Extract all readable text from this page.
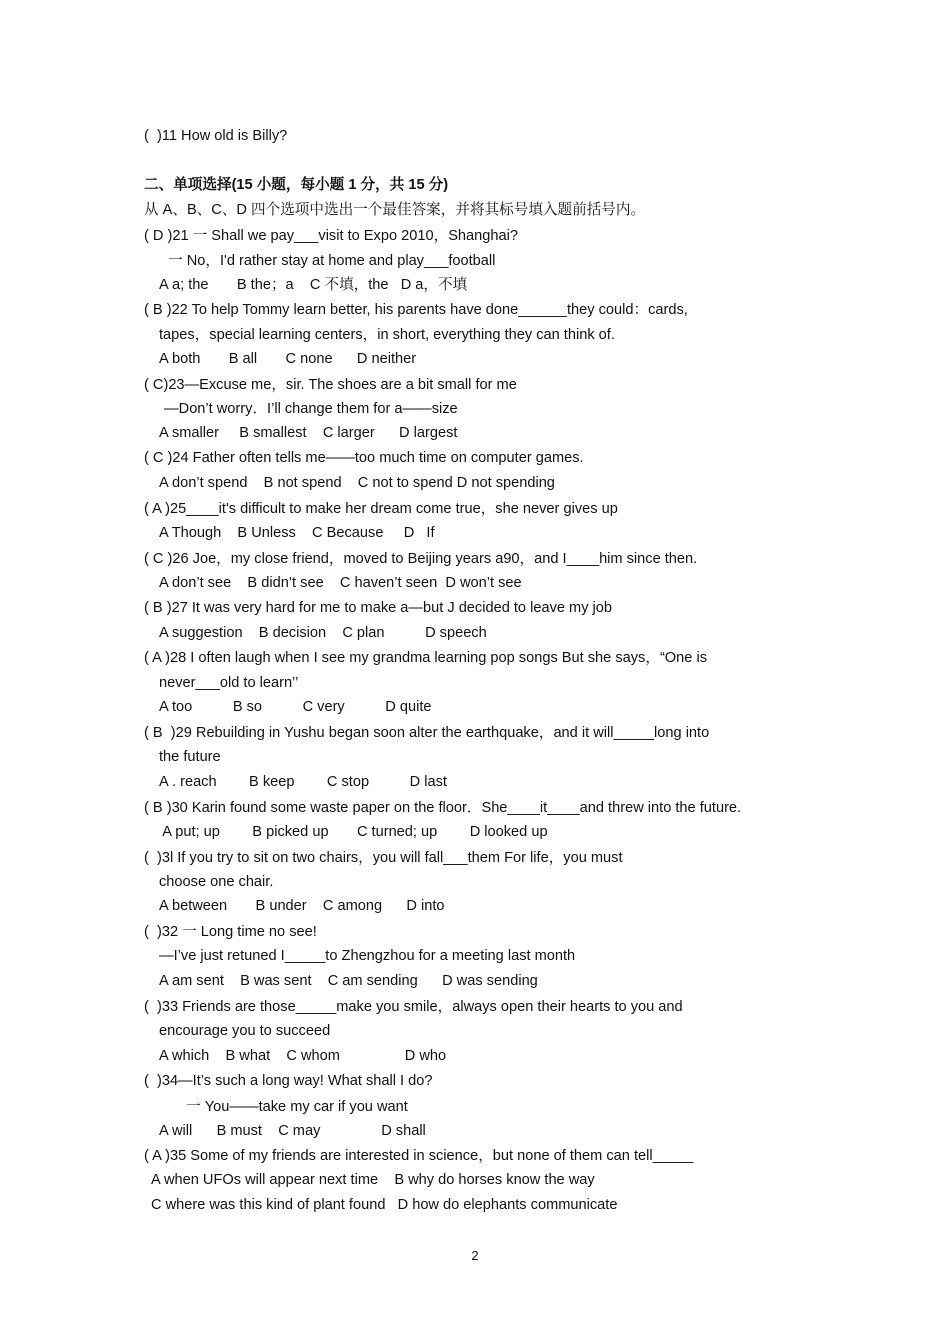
(  )11 How old is Billy?
二、单项选择(15 小题，每小题 1 分，共 15 分)
从 A、B、C、D 四个选项中选出一个最佳答案，并将其标号填入题前括号内。
( D )21 一 Shall we pay___visit to Expo 2010，Shanghai?
一 No，I'd rather stay at home and play___football
A a; the       B the；a    C 不填，the   D a，不填
( B )22 To help Tommy learn better, his parents have done______they could：cards,
tapes，special learning centers，in short, everything they can think of.
A both       B all       C none      D neither
( C)23—Excuse me，sir. The shoes are a bit small for me
—Don’t worry．I’ll change them for a——size
A smaller     B smallest    C larger      D largest
( C )24 Father often tells me——too much time on computer games.
A don’t spend    B not spend    C not to spend D not spending
( A )25____it's difficult to make her dream come true，she never gives up
A Though    B Unless    C Because     D   If
( C )26 Joe，my close friend，moved to Beijing years a90，and I____him since then.
A don’t see    B didn’t see    C haven’t seen  D won’t see
( B )27 It was very hard for me to make a—but J decided to leave my job
A suggestion    B decision    C plan          D speech
( A )28 I often laugh when I see my grandma learning pop songs But she says，“One is
never___old to learn’’
A too          B so          C very          D quite
( B  )29 Rebuilding in Yushu began soon alter the earthquake，and it will_____long into
the future
A . reach        B keep        C stop          D last
( B )30 Karin found some waste paper on the floor．She____it____and threw into the future.
A put; up        B picked up       C turned; up        D looked up
(  )3l If you try to sit on two chairs，you will fall___them For life，you must
choose one chair.
A between       B under    C among      D into
(  )32 一 Long time no see!
—I’ve just retuned I_____to Zhengzhou for a meeting last month
A am sent    B was sent    C am sending      D was sending
(  )33 Friends are those_____make you smile，always open their hearts to you and
encourage you to succeed
A which    B what    C whom                D who
(  )34—It’s such a long way! What shall I do?
一 You——take my car if you want
A will      B must    C may               D shall
( A )35 Some of my friends are interested in science，but none of them can tell_____
A when UFOs will appear next time    B why do horses know the way
C where was this kind of plant found   D how do elephants communicate
2
